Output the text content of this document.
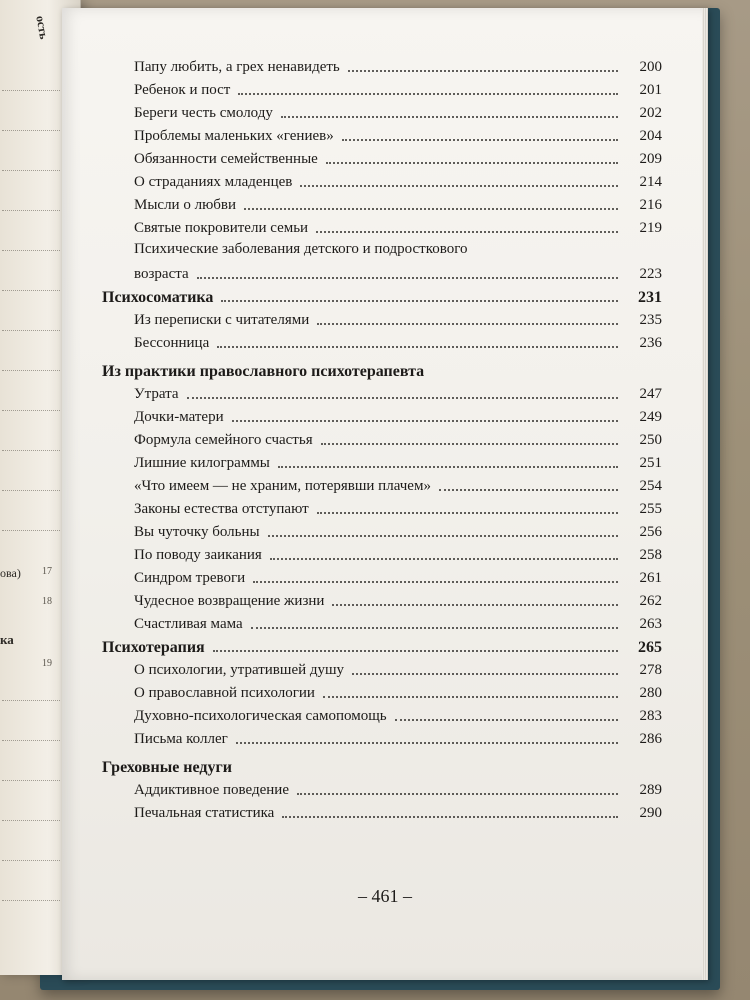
ость
ова) 17
18
ка
19
Папу любить, а грех ненавидеть	200
Ребенок и пост	201
Береги честь смолоду	202
Проблемы маленьких «гениев»	204
Обязанности семейственные	209
О страданиях младенцев	214
Мысли о любви	216
Святые покровители семьи	219
Психические заболевания детского и подросткового
возраста	223
Психосоматика	231
Из переписки с читателями	235
Бессонница	236
Из практики православного психотерапевта
Утрата	247
Дочки-матери	249
Формула семейного счастья	250
Лишние килограммы	251
«Что имеем — не храним, потерявши плачем»	254
Законы естества отступают	255
Вы чуточку больны	256
По поводу заикания	258
Синдром тревоги	261
Чудесное возвращение жизни	262
Счастливая мама	263
Психотерапия	265
О психологии, утратившей душу	278
О православной психологии	280
Духовно-психологическая самопомощь	283
Письма коллег	286
Греховные недуги
Аддиктивное поведение	289
Печальная статистика	290
– 461 –
